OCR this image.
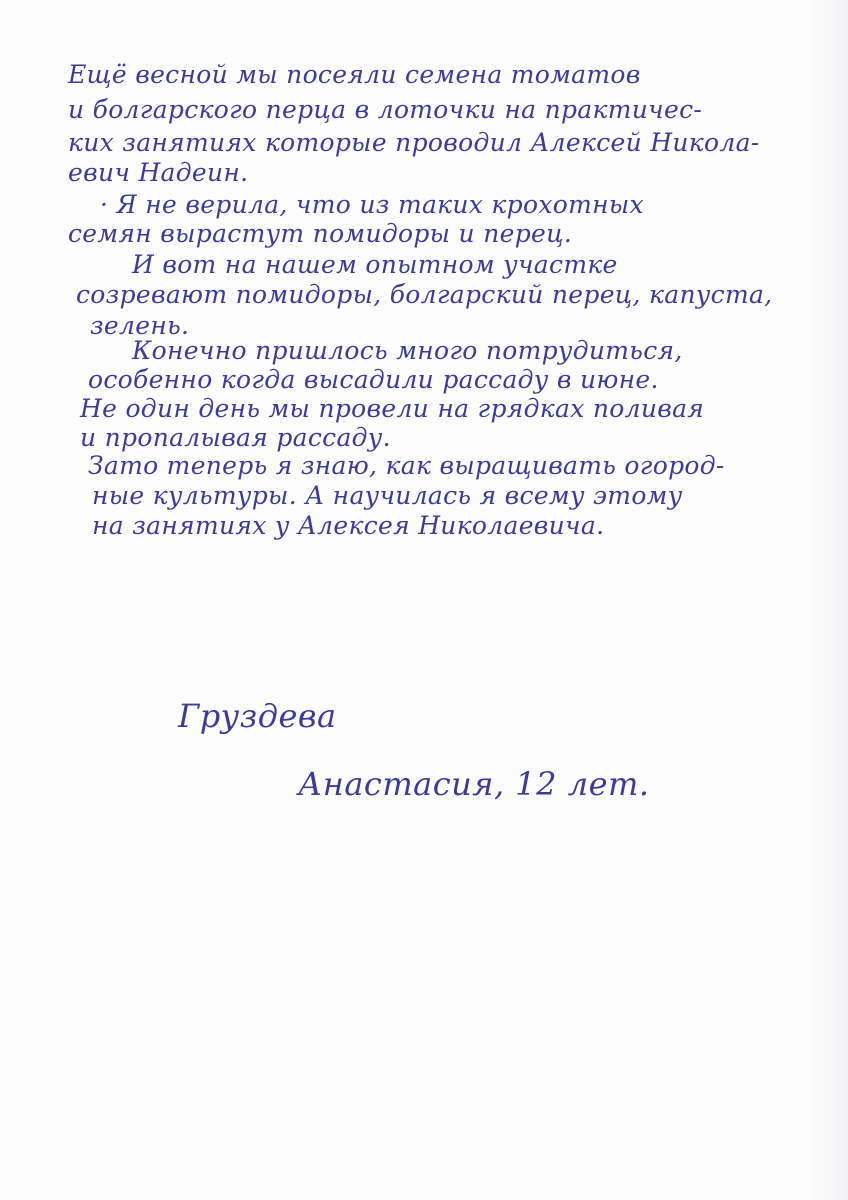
Ещё весной мы посеяли семена томатов
и болгарского перца в лоточки на практичес-
ких занятиях которые проводил Алексей Никола-
евич Надеин.
· Я не верила, что из таких крохотных
семян вырастут помидоры и перец.
И вот на нашем опытном участке
созревают помидоры, болгарский перец, капуста,
зелень.
Конечно пришлось много потрудиться,
особенно когда высадили рассаду в июне.
Не один день мы провели на грядках поливая
и пропалывая рассаду.
Зато теперь я знаю, как выращивать огород-
ные культуры. А научилась я всему этому
на занятиях у Алексея Николаевича.
Груздева
Анастасия, 12 лет.
